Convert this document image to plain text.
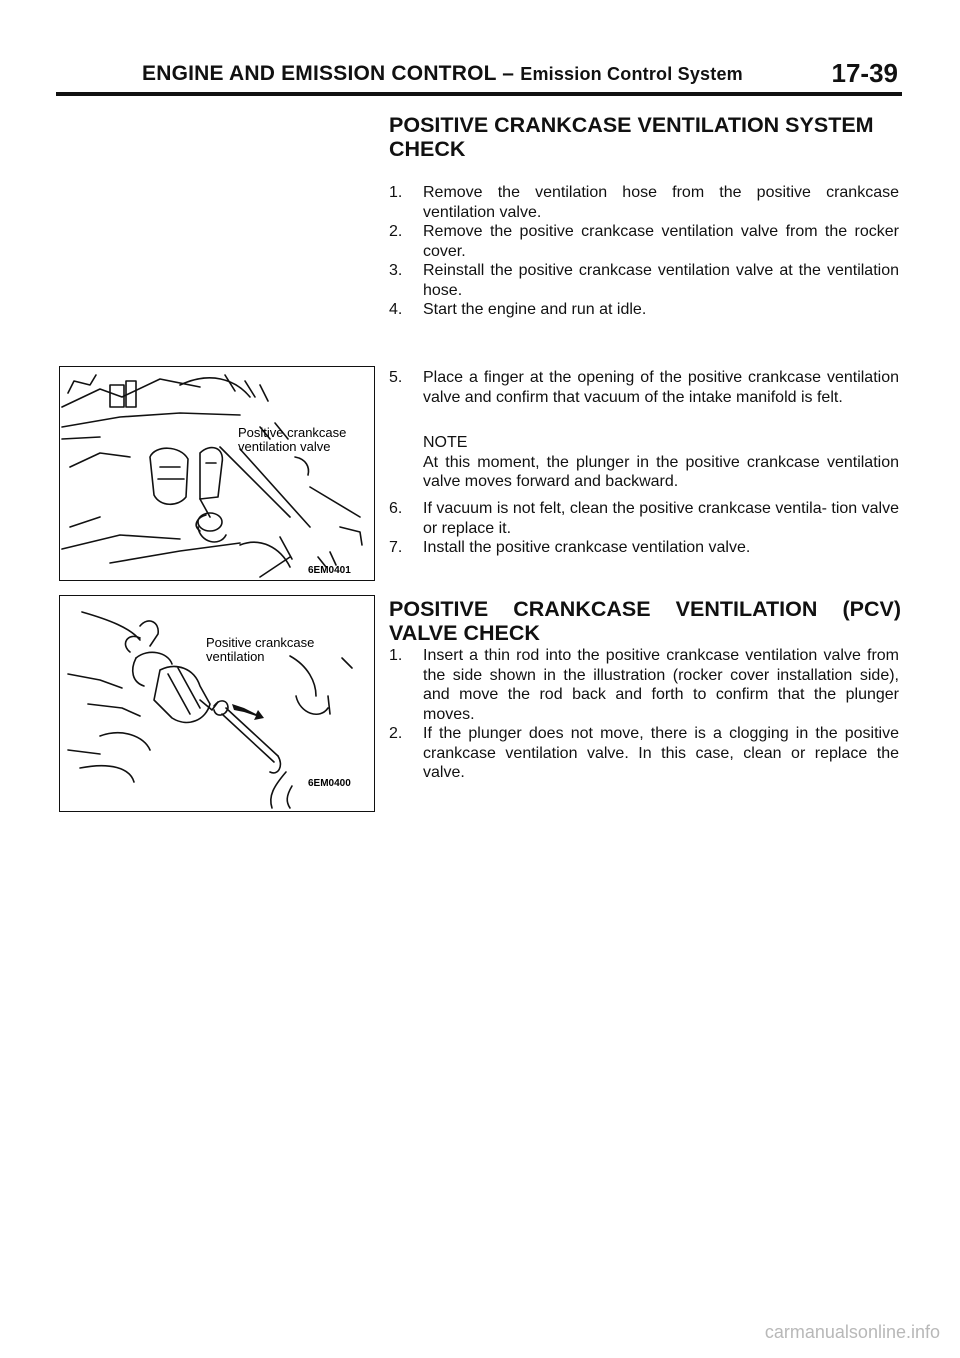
ENGINE AND EMISSION CONTROL – Emission Control System	17-39
POSITIVE CRANKCASE VENTILATION SYSTEM
CHECK
1.	Remove the ventilation hose from the positive crankcase ventilation valve.
2.	Remove the positive crankcase ventilation valve from the rocker cover.
3.	Reinstall the positive crankcase ventilation valve at the ventilation hose.
4.	Start the engine and run at idle.
5.	Place a finger at the opening of the positive crankcase ventilation valve and confirm that vacuum of the intake manifold is felt.

NOTE

At this moment, the plunger in the positive crankcase ventilation valve moves forward and backward.

6.	If vacuum is not felt, clean the positive crankcase ventila- tion valve or replace it.
7.	Install the positive crankcase ventilation valve.
POSITIVE CRANKCASE VENTILATION (PCV)
VALVE CHECK
1.	Insert a thin rod into the positive crankcase ventilation valve from the side shown in the illustration (rocker cover installation side), and move the rod back and forth to confirm that the plunger moves.
2.	If the plunger does not move, there is a clogging in the positive crankcase ventilation valve. In this case, clean or replace the valve.
Positive crankcase
ventilation valve
6EM0401
Positive crankcase
ventilation
6EM0400
carmanualsonline.info
